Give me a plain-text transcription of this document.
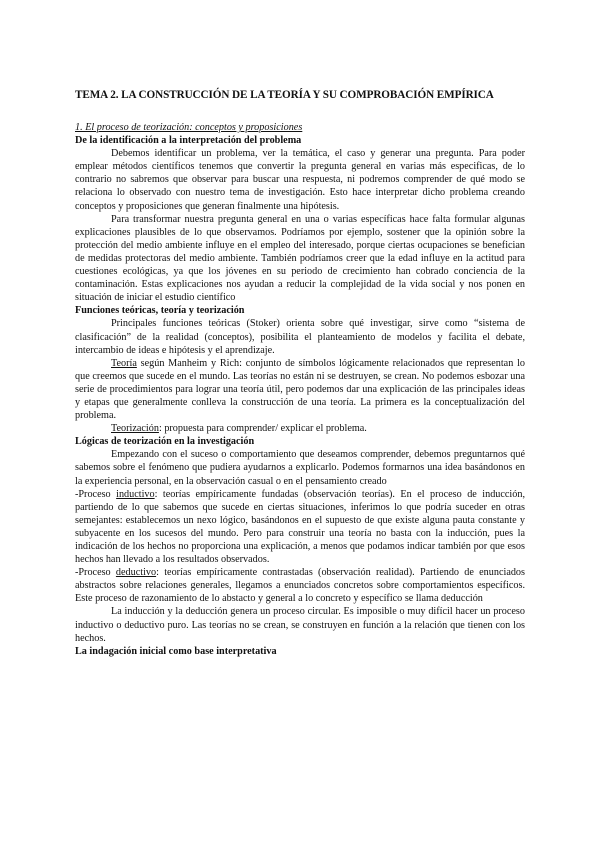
TEMA 2. LA CONSTRUCCIÓN DE LA TEORÍA Y SU COMPROBACIÓN EMPÍRICA
1. El proceso de teorización: conceptos y proposiciones
De la identificación a la interpretación del problema

Debemos identificar un problema, ver la temática, el caso y generar una pregunta. Para poder emplear métodos científicos tenemos que convertir la pregunta general en varias más especificas, de lo contrario no sabremos que observar para buscar una respuesta, ni podremos comprender de qué modo se relaciona lo observado con nuestro tema de investigación. Esto hace interpretar dicho problema creando conceptos y proposiciones que generan finalmente una hipótesis.

Para transformar nuestra pregunta general en una o varias específicas hace falta formular algunas explicaciones plausibles de lo que observamos. Podríamos por ejemplo, sostener que la opinión sobre la protección del medio ambiente influye en el empleo del interesado, porque ciertas ocupaciones se benefician de medidas protectoras del medio ambiente. También podríamos creer que la edad influye en la actitud para cuestiones ecológicas, ya que los jóvenes en su periodo de crecimiento han cobrado conciencia de la contaminación. Estas explicaciones nos ayudan a reducir la complejidad de la vida social y nos ponen en situación de iniciar el estudio científico

Funciones teóricas, teoría y teorización

Principales funciones teóricas (Stoker) orienta sobre qué investigar, sirve como “sistema de clasificación” de la realidad (conceptos), posibilita el planteamiento de modelos y facilita el debate, intercambio de ideas e hipótesis y el aprendizaje.

Teoría según Manheim y Rich: conjunto de símbolos lógicamente relacionados que representan lo que creemos que sucede en el mundo. Las teorías no están ni se destruyen, se crean. No podemos esbozar una serie de procedimientos para lograr una teoría útil, pero podemos dar una explicación de las principales ideas y etapas que generalmente conlleva la construcción de una teoría. La primera es la conceptualización del problema.

Teorización: propuesta para comprender/ explicar el problema.

Lógicas de teorización en la investigación

Empezando con el suceso o comportamiento que deseamos comprender, debemos preguntarnos qué sabemos sobre el fenómeno que pudiera ayudarnos a explicarlo. Podemos formarnos una idea basándonos en la experiencia personal, en la observación casual o en el pensamiento creado

-Proceso inductivo: teorías empíricamente fundadas (observación teorías). En el proceso de inducción, partiendo de lo que sabemos que sucede en ciertas situaciones, inferimos lo que podría suceder en otras semejantes: establecemos un nexo lógico, basándonos en el supuesto de que existe alguna pauta constante y subyacente en los sucesos del mundo. Pero para construir una teoría no basta con la inducción, pues la indicación de los hechos no proporciona una explicación, a menos que podamos indicar también por que esos hechos han llevado a los resultados observados.

-Proceso deductivo: teorías empíricamente contrastadas (observación realidad). Partiendo de enunciados abstractos sobre relaciones generales, llegamos a enunciados concretos sobre comportamientos específicos. Este proceso de razonamiento de lo abstacto y general a lo concreto y específico se llama deducción

La inducción y la deducción genera un proceso circular. Es imposible o muy difícil hacer un proceso inductivo o deductivo puro. Las teorías no se crean, se construyen en función a la relación que tienen con los hechos.

La indagación inicial como base interpretativa
